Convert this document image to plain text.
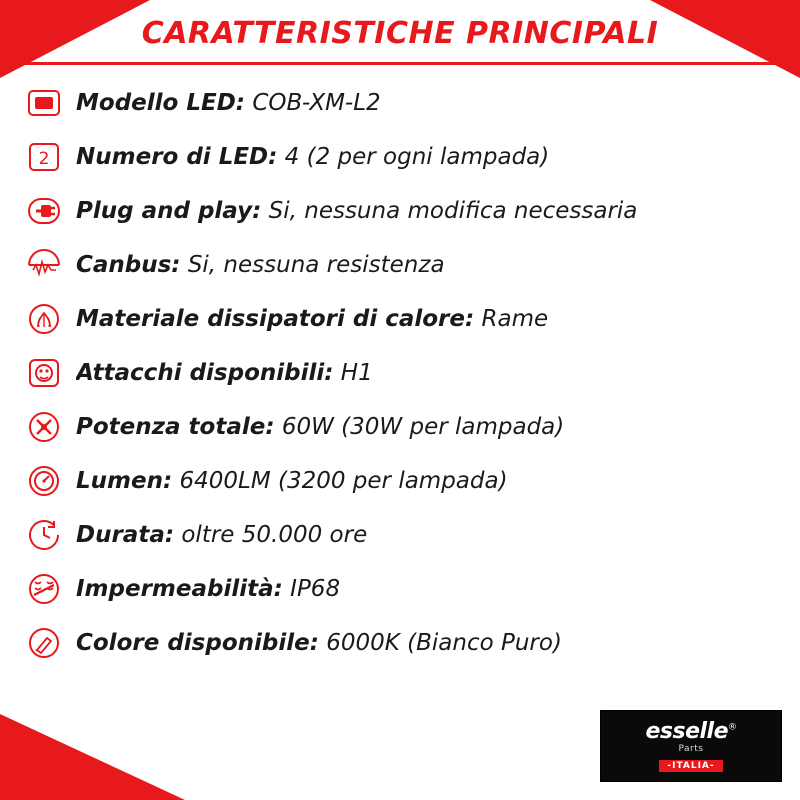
CARATTERISTICHE PRINCIPALI
LED Modello LED: COB-XM-L2
2 Numero di LED: 4 (2 per ogni lampada)
Plug and play: Si, nessuna modifica necessaria
Canbus: Si, nessuna resistenza
Materiale dissipatori di calore: Rame
Attacchi disponibili: H1
Potenza totale: 60W (30W per lampada)
Lumen: 6400LM (3200 per lampada)
Durata: oltre 50.000 ore
Impermeabilità: IP68
Colore disponibile: 6000K (Bianco Puro)
esselle®
Parts
-ITALIA-
